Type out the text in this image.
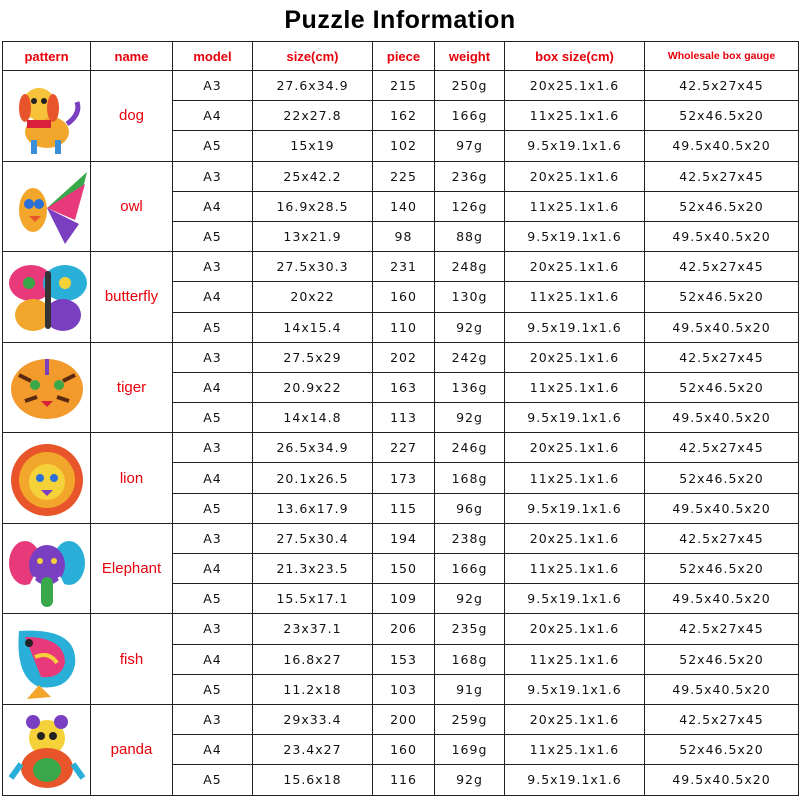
Puzzle Information
pattern	name	model	size(cm)	piece	weight	box size(cm)	Wholesale box gauge

	dog	A3	27.6x34.9	215	250g	20x25.1x1.6	42.5x27x45
		A4	22x27.8	162	166g	11x25.1x1.6	52x46.5x20
		A5	15x19	102	97g	9.5x19.1x1.6	49.5x40.5x20

	owl	A3	25x42.2	225	236g	20x25.1x1.6	42.5x27x45
		A4	16.9x28.5	140	126g	11x25.1x1.6	52x46.5x20
		A5	13x21.9	98	88g	9.5x19.1x1.6	49.5x40.5x20

	butterfly	A3	27.5x30.3	231	248g	20x25.1x1.6	42.5x27x45
		A4	20x22	160	130g	11x25.1x1.6	52x46.5x20
		A5	14x15.4	110	92g	9.5x19.1x1.6	49.5x40.5x20

	tiger	A3	27.5x29	202	242g	20x25.1x1.6	42.5x27x45
		A4	20.9x22	163	136g	11x25.1x1.6	52x46.5x20
		A5	14x14.8	113	92g	9.5x19.1x1.6	49.5x40.5x20

	lion	A3	26.5x34.9	227	246g	20x25.1x1.6	42.5x27x45
		A4	20.1x26.5	173	168g	11x25.1x1.6	52x46.5x20
		A5	13.6x17.9	115	96g	9.5x19.1x1.6	49.5x40.5x20

	Elephant	A3	27.5x30.4	194	238g	20x25.1x1.6	42.5x27x45
		A4	21.3x23.5	150	166g	11x25.1x1.6	52x46.5x20
		A5	15.5x17.1	109	92g	9.5x19.1x1.6	49.5x40.5x20

	fish	A3	23x37.1	206	235g	20x25.1x1.6	42.5x27x45
		A4	16.8x27	153	168g	11x25.1x1.6	52x46.5x20
		A5	11.2x18	103	91g	9.5x19.1x1.6	49.5x40.5x20

	panda	A3	29x33.4	200	259g	20x25.1x1.6	42.5x27x45
		A4	23.4x27	160	169g	11x25.1x1.6	52x46.5x20
		A5	15.6x18	116	92g	9.5x19.1x1.6	49.5x40.5x20
